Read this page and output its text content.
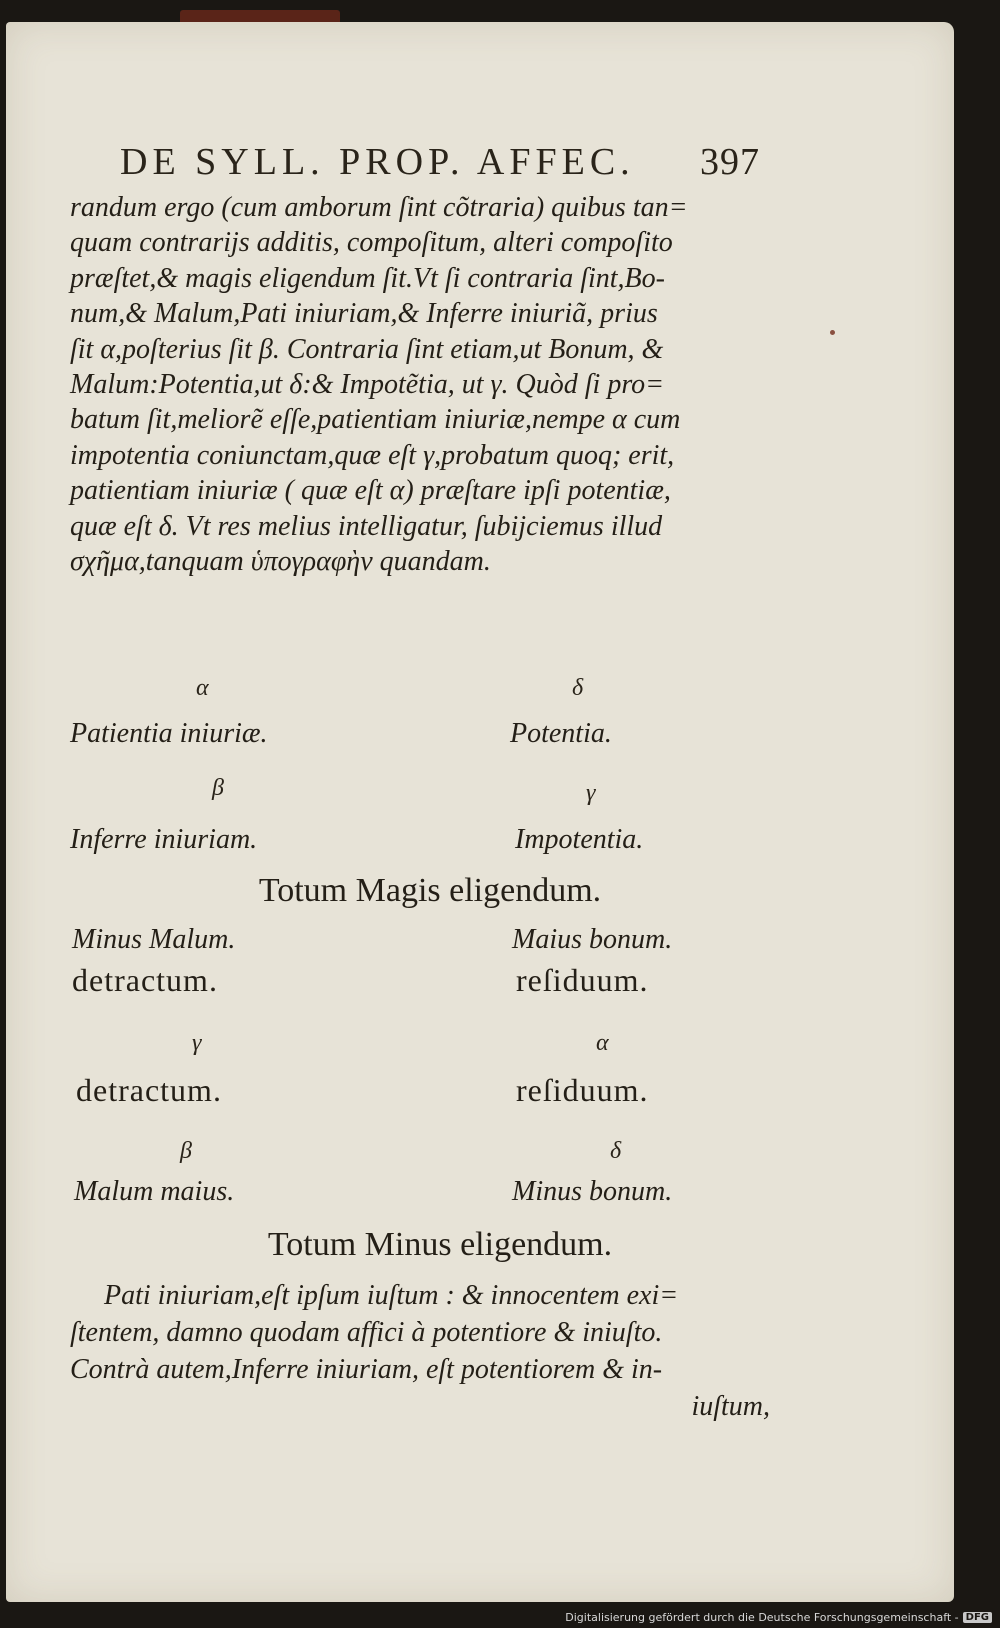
DE SYLL. PROP. AFFEC. 397
randum ergo (cum amborum ſint cõtraria) quibus tan=
quam contrarijs additis, compoſitum, alteri compoſito
præſtet,& magis eligendum ſit.Vt ſi contraria ſint,Bo-
num,& Malum,Pati iniuriam,& Inferre iniuriã, prius
ſit α,poſterius ſit β. Contraria ſint etiam,ut Bonum, &
Malum:Potentia,ut δ:& Impotẽtia, ut γ. Quòd ſi pro=
batum ſit,meliorẽ eſſe,patientiam iniuriæ,nempe α cum
impotentia coniunctam,quæ eſt γ,probatum quoq; erit,
patientiam iniuriæ ( quæ eſt α) præſtare ipſi potentiæ,
quæ eſt δ. Vt res melius intelligatur, ſubijciemus illud
σχῆμα,tanquam ὑπογραφὴν quandam.
α	δ
Patientia iniuriæ.	Potentia.
β	γ
Inferre iniuriam.	Impotentia.
Totum Magis eligendum.
Minus Malum.	Maius bonum.
detractum.	reſiduum.
γ	α
detractum.	reſiduum.
β	δ
Malum maius.	Minus bonum.
Totum Minus eligendum.
Pati iniuriam,eſt ipſum iuſtum : & innocentem exi=
ſtentem, damno quodam affici à potentiore & iniuſto.
Contrà autem,Inferre iniuriam, eſt potentiorem & in-
iuſtum,
Digitalisierung gefördert durch die Deutsche Forschungsgemeinschaft - DFG
